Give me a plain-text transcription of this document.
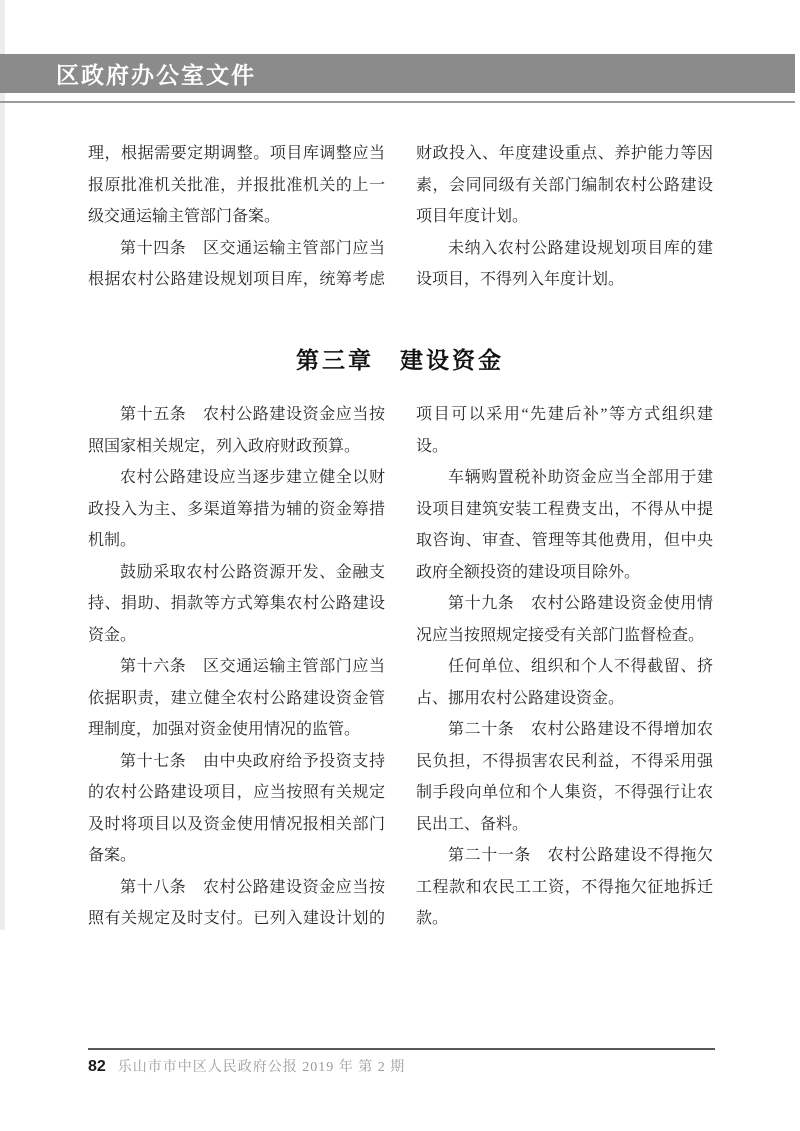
区政府办公室文件
理，根据需要定期调整。项目库调整应当
报原批准机关批准，并报批准机关的上一
级交通运输主管部门备案。
第十四条　区交通运输主管部门应当
根据农村公路建设规划项目库，统筹考虑
财政投入、年度建设重点、养护能力等因
素，会同同级有关部门编制农村公路建设
项目年度计划。
未纳入农村公路建设规划项目库的建
设项目，不得列入年度计划。
第三章　建设资金
第十五条　农村公路建设资金应当按
照国家相关规定，列入政府财政预算。
农村公路建设应当逐步建立健全以财
政投入为主、多渠道筹措为辅的资金筹措
机制。
鼓励采取农村公路资源开发、金融支
持、捐助、捐款等方式筹集农村公路建设
资金。
第十六条　区交通运输主管部门应当
依据职责，建立健全农村公路建设资金管
理制度，加强对资金使用情况的监管。
第十七条　由中央政府给予投资支持
的农村公路建设项目，应当按照有关规定
及时将项目以及资金使用情况报相关部门
备案。
第十八条　农村公路建设资金应当按
照有关规定及时支付。已列入建设计划的
项目可以采用“先建后补”等方式组织建
设。
车辆购置税补助资金应当全部用于建
设项目建筑安装工程费支出，不得从中提
取咨询、审查、管理等其他费用，但中央
政府全额投资的建设项目除外。
第十九条　农村公路建设资金使用情
况应当按照规定接受有关部门监督检查。
任何单位、组织和个人不得截留、挤
占、挪用农村公路建设资金。
第二十条　农村公路建设不得增加农
民负担，不得损害农民利益，不得采用强
制手段向单位和个人集资，不得强行让农
民出工、备料。
第二十一条　农村公路建设不得拖欠
工程款和农民工工资，不得拖欠征地拆迁
款。
82 乐山市市中区人民政府公报 2019 年 第 2 期
